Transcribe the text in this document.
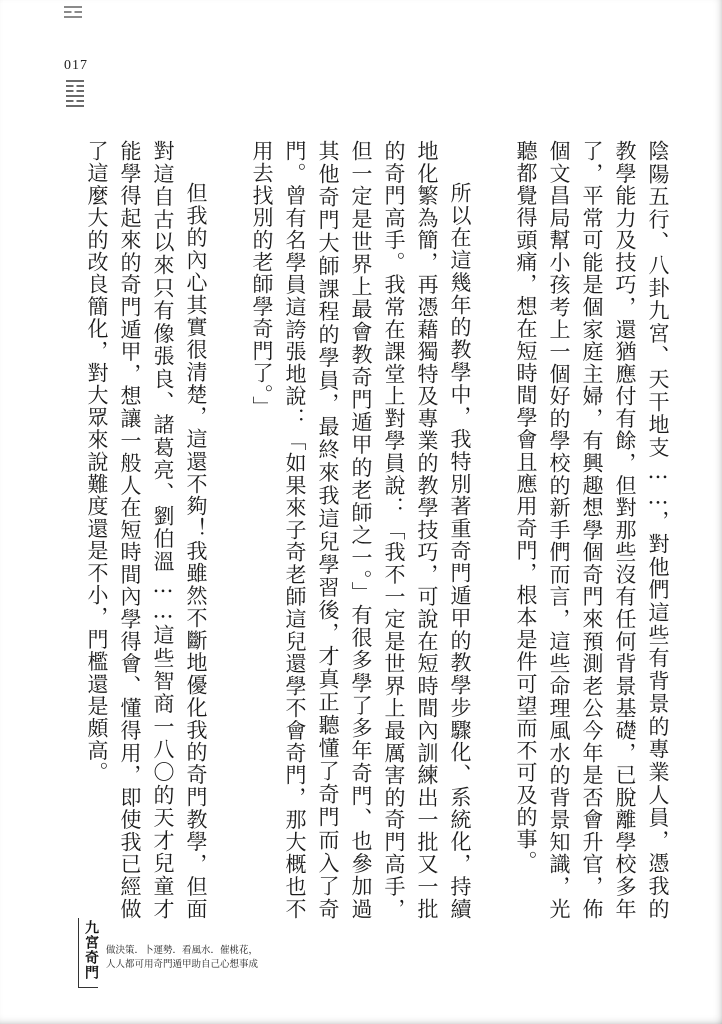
017

陰陽五行、八卦九宮、天干地支……，對他們這些有背景的專業人員，憑我的教學能力及技巧，還猶應付有餘，但對那些沒有任何背景基礎，已脫離學校多年了，平常可能是個家庭主婦，有興趣想學個奇門來預測老公今年是否會升官，佈個文昌局幫小孩考上一個好的學校的新手們而言，這些命理風水的背景知識，光聽都覺得頭痛，想在短時間學會且應用奇門，根本是件可望而不可及的事。

所以在這幾年的教學中，我特別著重奇門遁甲的教學步驟化、系統化，持續地化繁為簡，再憑藉獨特及專業的教學技巧，可說在短時間內訓練出一批又一批的奇門高手。我常在課堂上對學員說：「我不一定是世界上最厲害的奇門高手，但一定是世界上最會教奇門遁甲的老師之一。」有很多學了多年奇門、也參加過其他奇門大師課程的學員，最終來我這兒學習後，才真正聽懂了奇門而入了奇門。曾有名學員這誇張地說：「如果來子奇老師這兒還學不會奇門，那大概也不用去找別的老師學奇門了。」

但我的內心其實很清楚，這還不夠！我雖然不斷地優化我的奇門教學，但面對這自古以來只有像張良、諸葛亮、劉伯溫……這些智商一八〇的天才兒童才能學得起來的奇門遁甲，想讓一般人在短時間內學得會、懂得用，即使我已經做了這麼大的改良簡化，對大眾來說難度還是不小，門檻還是頗高。

九宮奇門 做決策．卜運勢．看風水．催桃花，
人人都可用奇門遁甲助自己心想事成
